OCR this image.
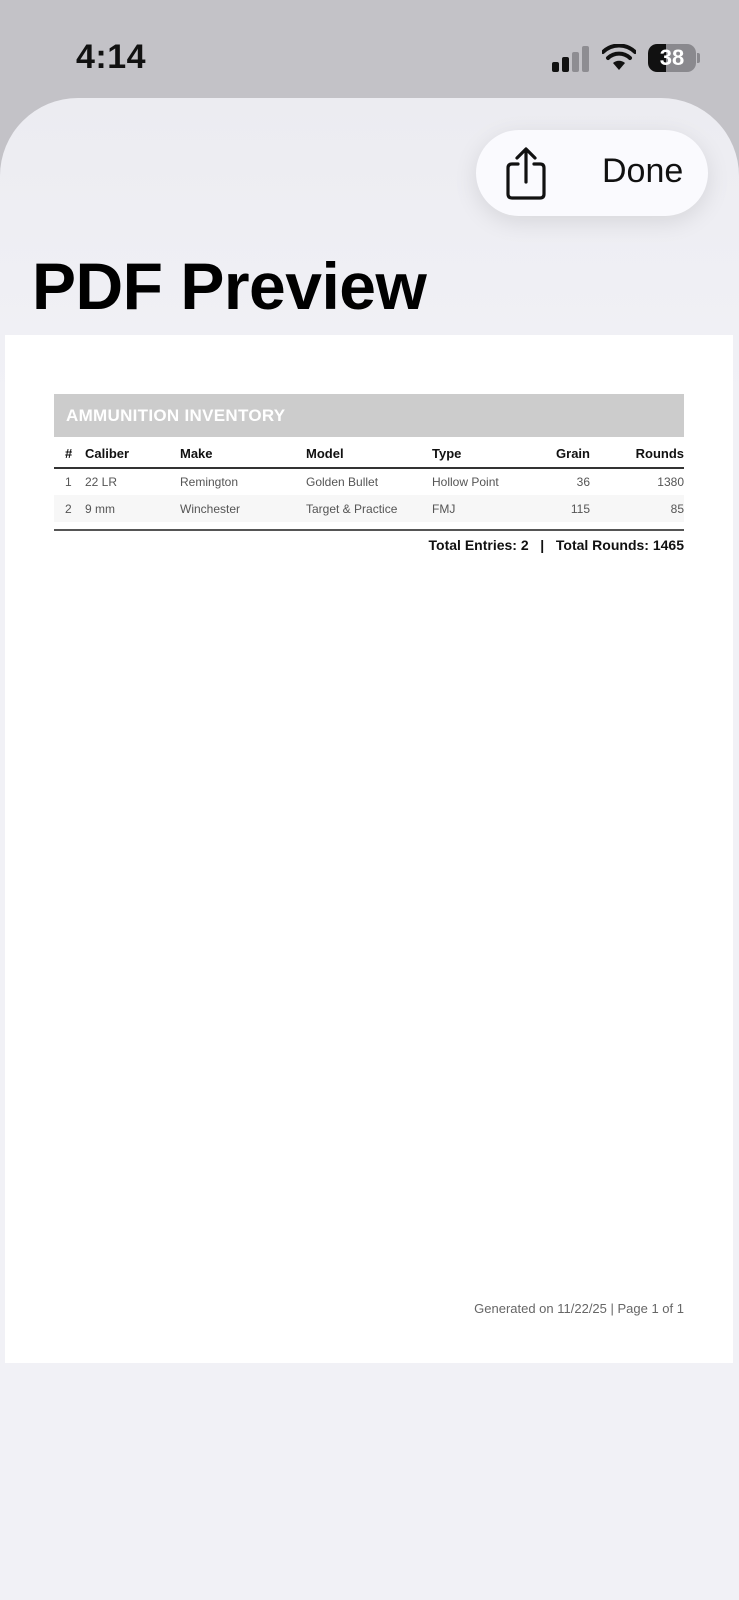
4:14	38
Done
PDF Preview
AMMUNITION INVENTORY
#	Caliber	Make	Model	Type	Grain	Rounds
1	22 LR	Remington	Golden Bullet	Hollow Point	36	1380
2	9 mm	Winchester	Target & Practice	FMJ	115	85
Total Entries: 2   |   Total Rounds: 1465
Generated on 11/22/25 | Page 1 of 1
